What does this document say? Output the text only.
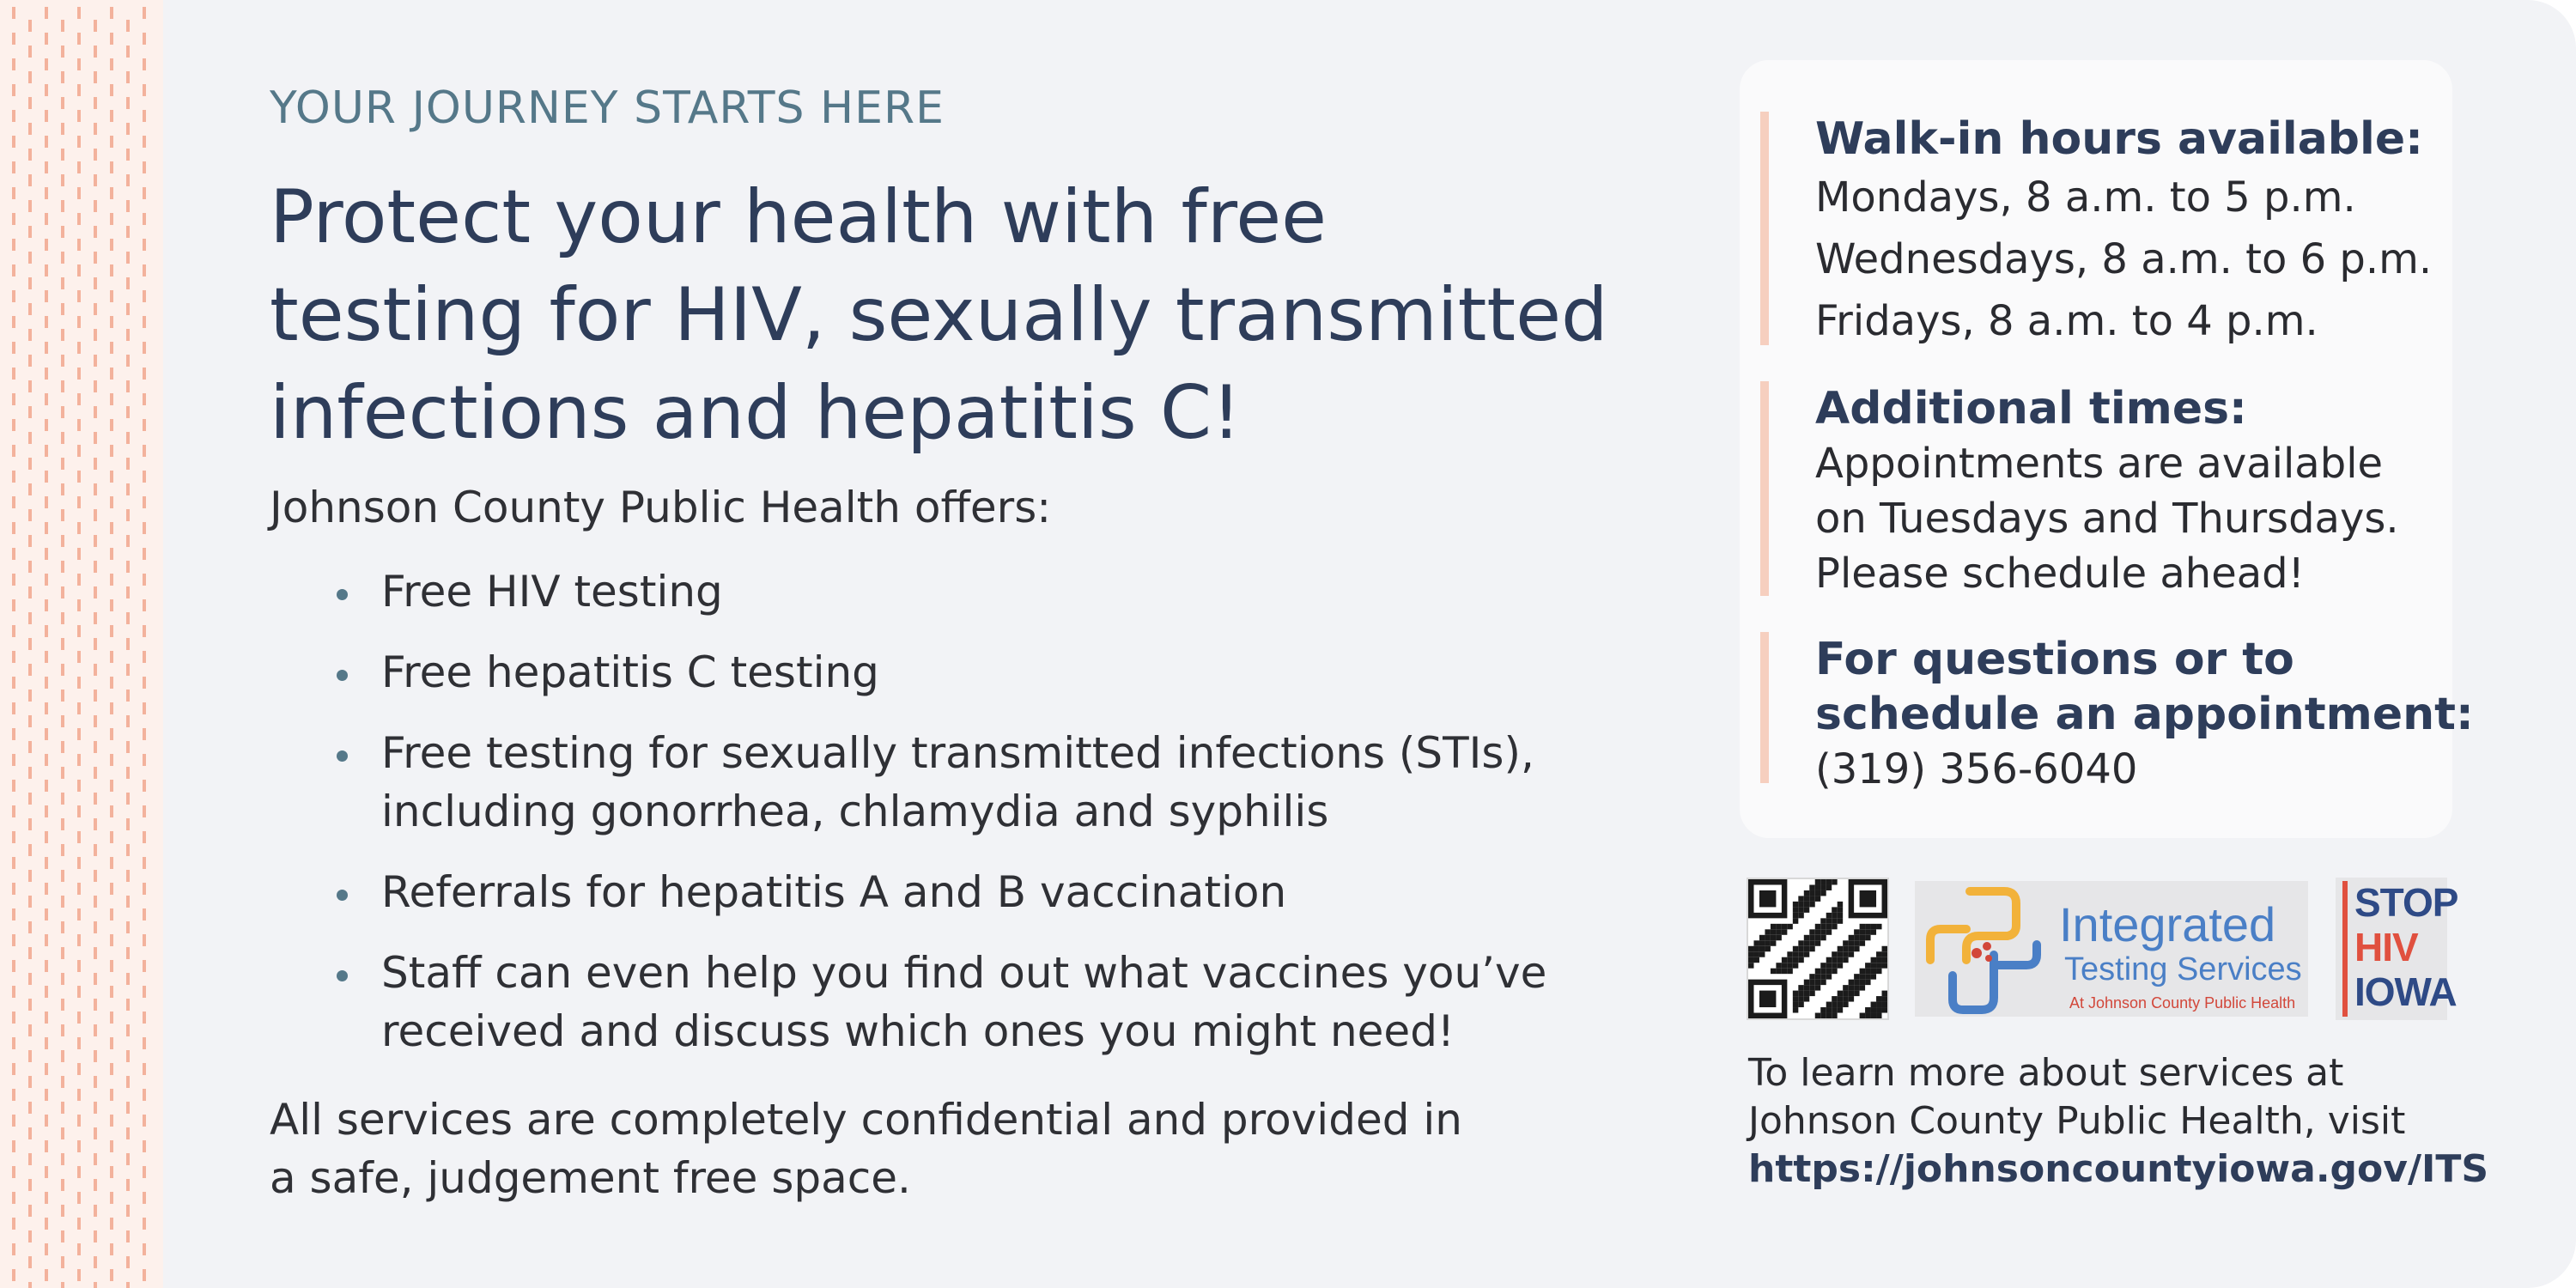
YOUR JOURNEY STARTS HERE
Protect your health with free
testing for HIV, sexually transmitted
infections and hepatitis C!
Johnson County Public Health offers:
Free HIV testing
Free hepatitis C testing
Free testing for sexually transmitted infections (STIs),
including gonorrhea, chlamydia and syphilis
Referrals for hepatitis A and B vaccination
Staff can even help you find out what vaccines you’ve
received and discuss which ones you might need!
All services are completely confidential and provided in
a safe, judgement free space.
Walk-in hours available:
Mondays, 8 a.m. to 5 p.m.
Wednesdays, 8 a.m. to 6 p.m.
Fridays, 8 a.m. to 4 p.m.
Additional times:
Appointments are available
on Tuesdays and Thursdays.
Please schedule ahead!
For questions or to
schedule an appointment:
(319) 356-6040
Integrated
Testing Services
At Johnson County Public Health
STOP
HIV
IOWA
To learn more about services at
Johnson County Public Health, visit
https://johnsoncountyiowa.gov/ITS
